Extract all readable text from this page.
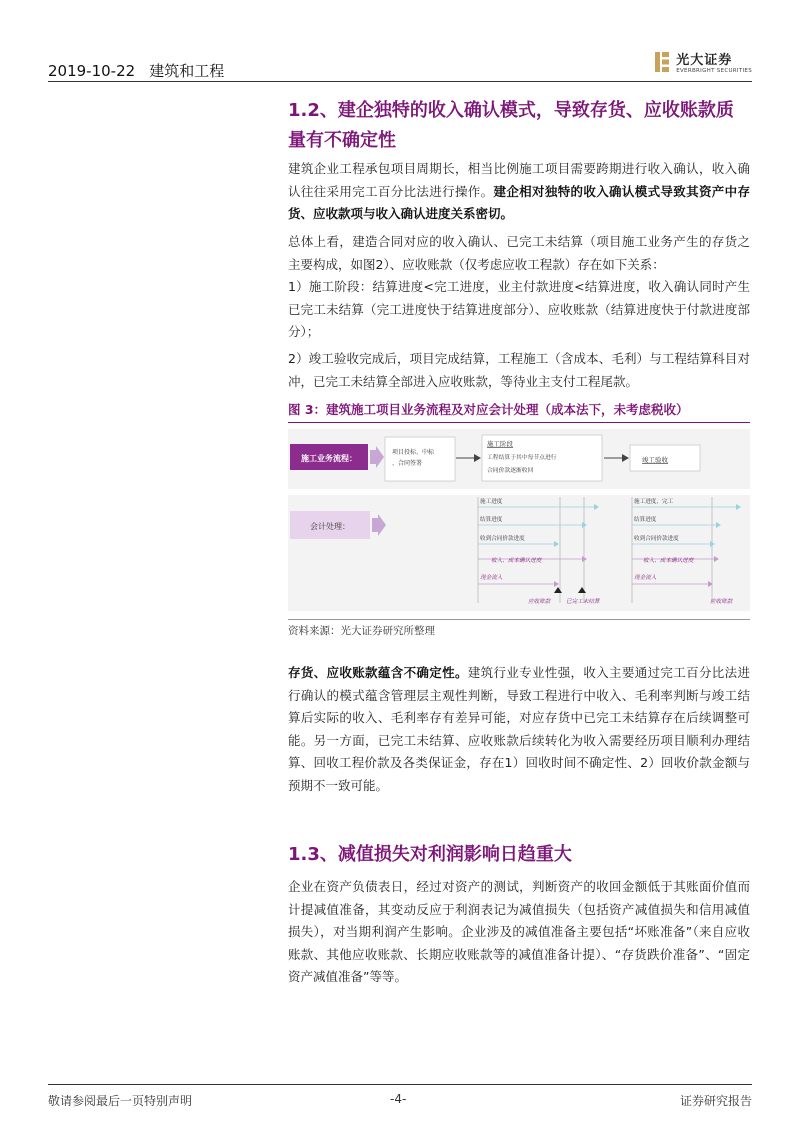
2019-10-22 建筑和工程
光大证券
EVERBRIGHT SECURITIES
1.2、建企独特的收入确认模式，导致存货、应收账款质
量有不确定性
建筑企业工程承包项目周期长，相当比例施工项目需要跨期进行收入确认，收入确认往往采用完工百分比法进行操作。建企相对独特的收入确认模式导致其资产中存货、应收款项与收入确认进度关系密切。
总体上看，建造合同对应的收入确认、已完工未结算（项目施工业务产生的存货之主要构成，如图2）、应收账款（仅考虑应收工程款）存在如下关系：
1）施工阶段：结算进度<完工进度，业主付款进度<结算进度，收入确认同时产生已完工未结算（完工进度快于结算进度部分）、应收账款（结算进度快于付款进度部分）；
2）竣工验收完成后，项目完成结算，工程施工（含成本、毛利）与工程结算科目对冲，已完工未结算全部进入应收账款，等待业主支付工程尾款。
图 3：建筑施工项目业务流程及对应会计处理（成本法下，未考虑税收）
施工业务流程：
项目投标、中标
、合同签署
施工阶段
工程结算于其中每节点进行
合同价款逐渐收回
竣工验收
会计处理：
施工进度
结算进度
收到合同价款进度
收入、成本确认进度
现金流入
应收账款	已完工未结算
施工进度，完工
结算进度
收到合同价款进度
收入、成本确认进度
现金流入
应收账款
资料来源：光大证券研究所整理
存货、应收账款蕴含不确定性。建筑行业专业性强，收入主要通过完工百分比法进行确认的模式蕴含管理层主观性判断，导致工程进行中收入、毛利率判断与竣工结算后实际的收入、毛利率存有差异可能，对应存货中已完工未结算存在后续调整可能。另一方面，已完工未结算、应收账款后续转化为收入需要经历项目顺利办理结算、回收工程价款及各类保证金，存在1）回收时间不确定性、2）回收价款金额与预期不一致可能。
1.3、减值损失对利润影响日趋重大
企业在资产负债表日，经过对资产的测试，判断资产的收回金额低于其账面价值而计提减值准备，其变动反应于利润表记为减值损失（包括资产减值损失和信用减值损失），对当期利润产生影响。企业涉及的减值准备主要包括“坏账准备”（来自应收账款、其他应收账款、长期应收账款等的减值准备计提）、“存货跌价准备”、“固定资产减值准备”等等。
敬请参阅最后一页特别声明	-4-	证券研究报告
